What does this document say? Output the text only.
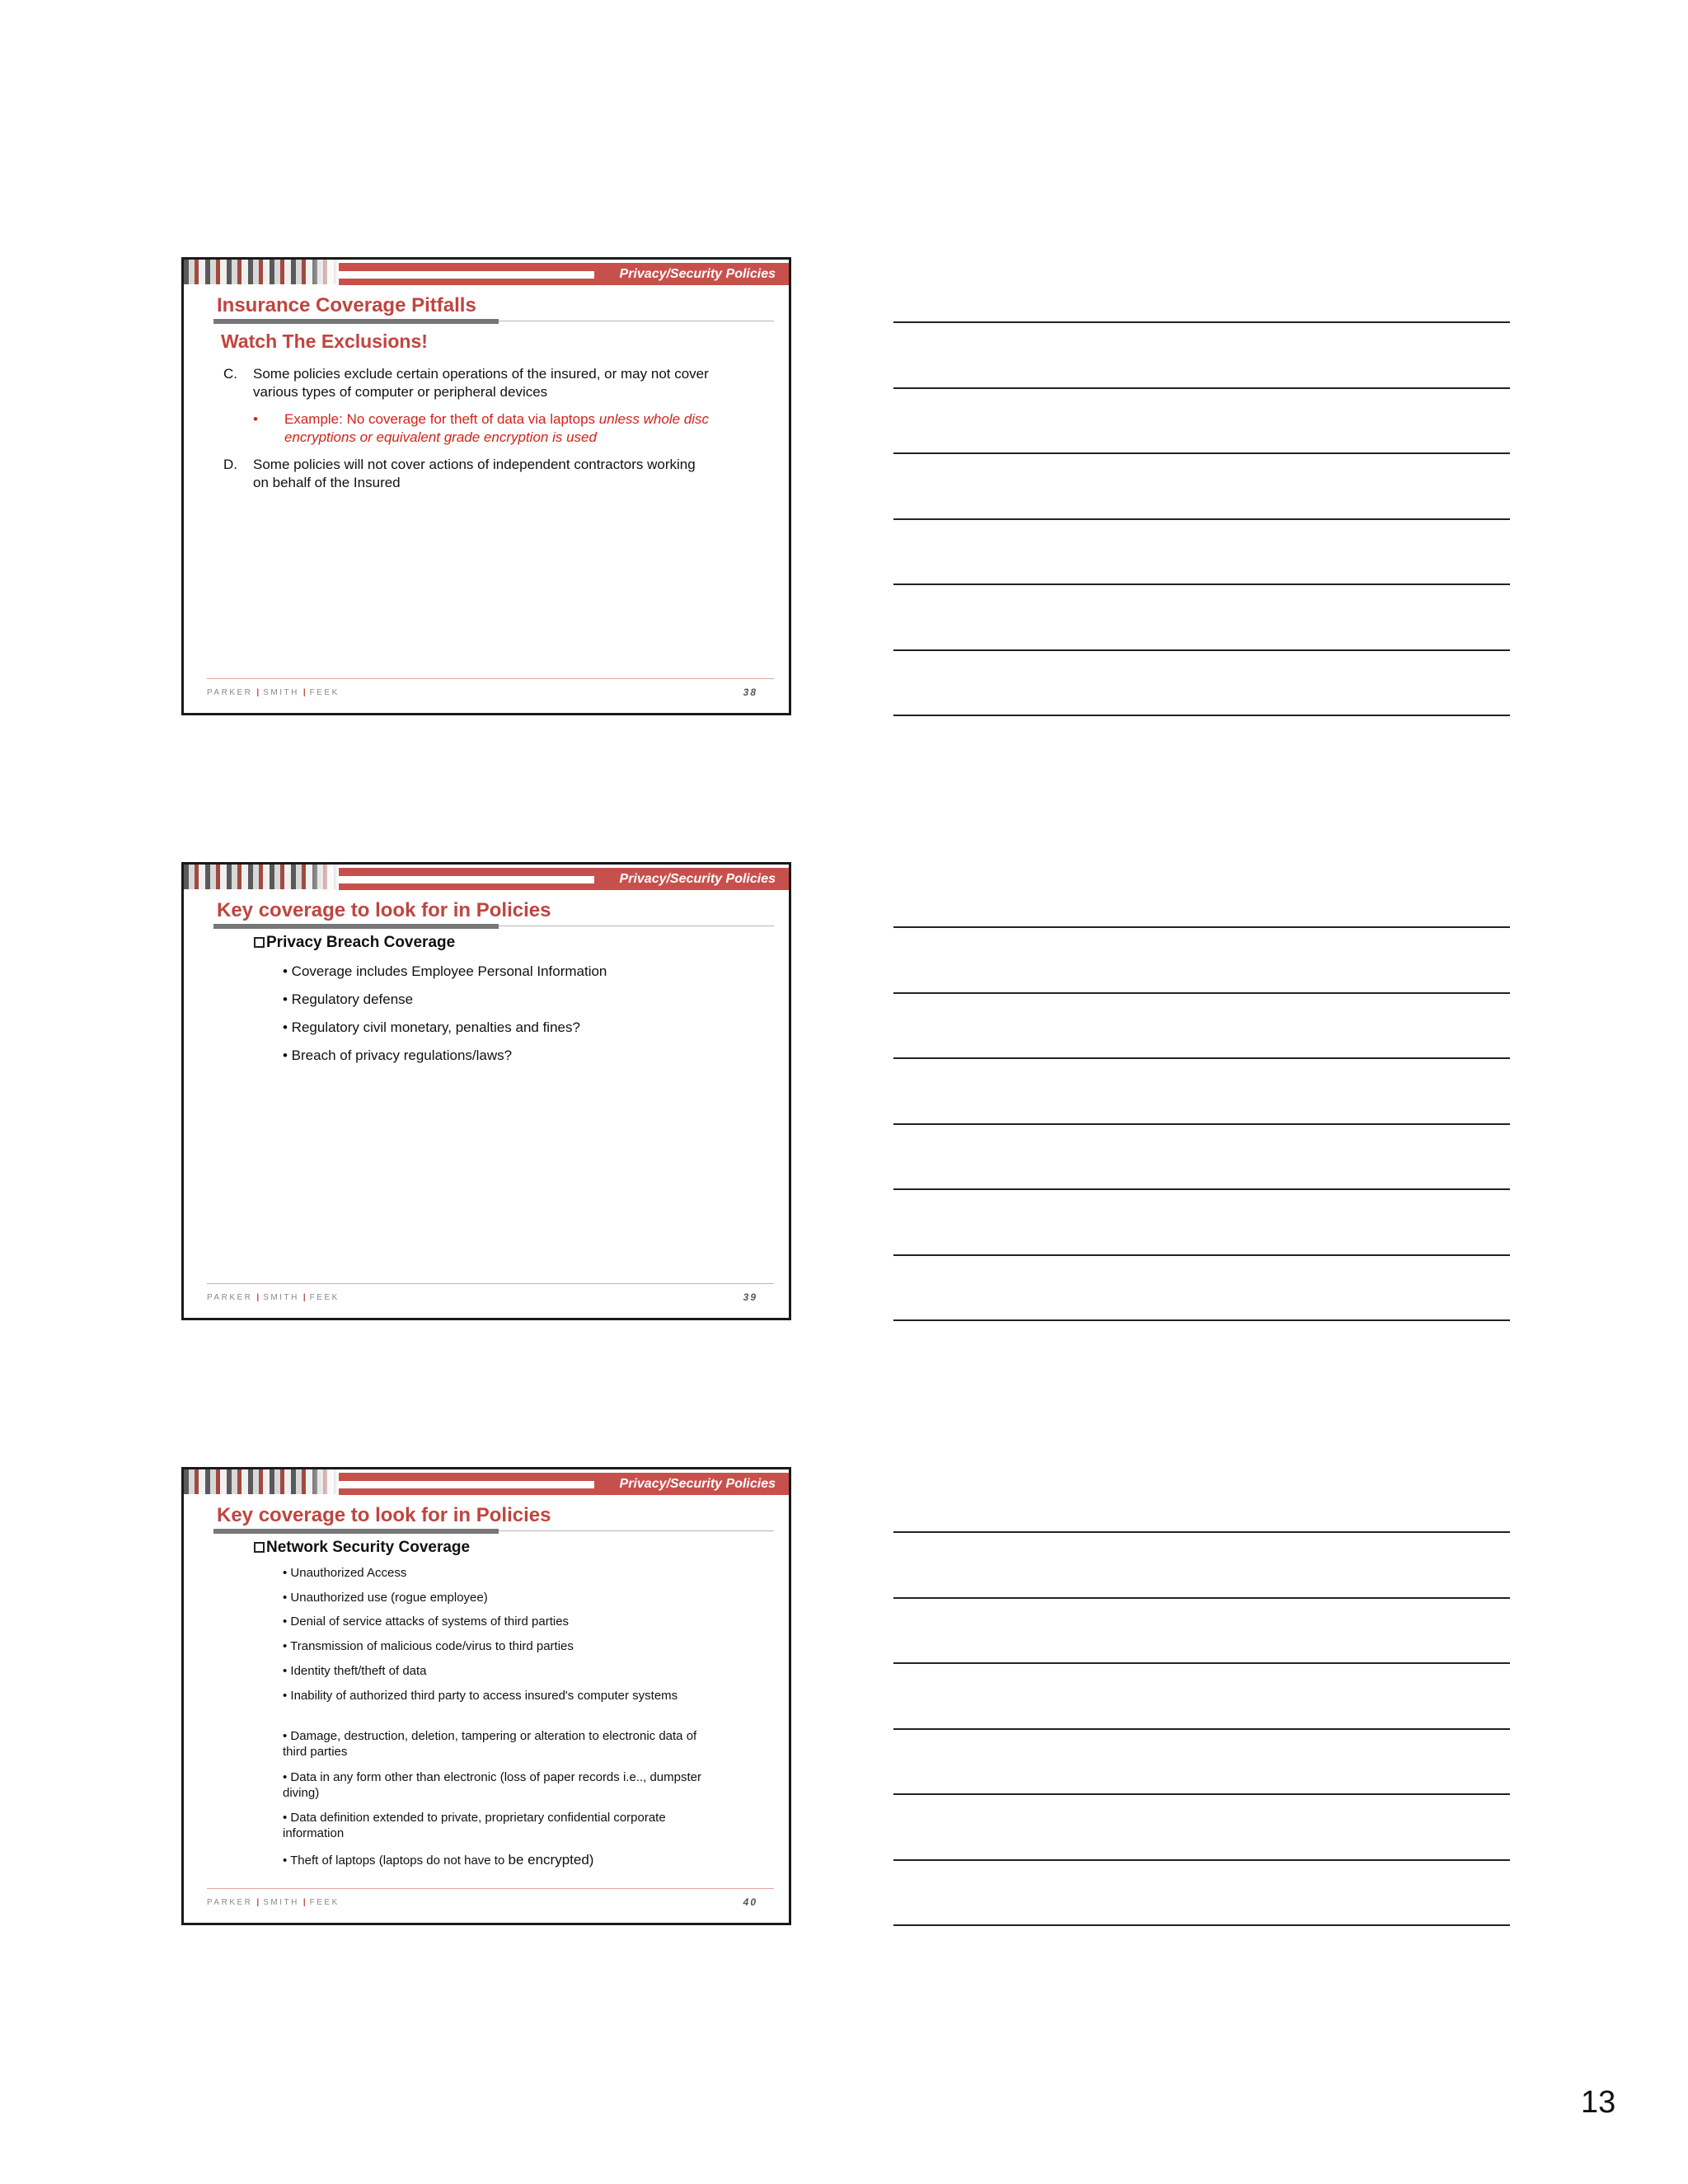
Privacy/Security Policies
Insurance Coverage Pitfalls
Watch The Exclusions!
C. Some policies exclude certain operations of the insured, or may not cover various types of computer or peripheral devices
• Example: No coverage for theft of data via laptops unless whole disc encryptions or equivalent grade encryption is used
D. Some policies will not cover actions of independent contractors working on behalf of the Insured
PARKER | SMITH | FEEK	38
Privacy/Security Policies
Key coverage to look for in Policies
Privacy Breach Coverage
• Coverage includes Employee Personal Information
• Regulatory defense
• Regulatory civil monetary, penalties and fines?
• Breach of privacy regulations/laws?
PARKER | SMITH | FEEK	39
Privacy/Security Policies
Key coverage to look for in Policies
Network Security Coverage
• Unauthorized Access
• Unauthorized use (rogue employee)
• Denial of service attacks of systems of third parties
• Transmission of malicious code/virus to third parties
• Identity theft/theft of data
• Inability of authorized third party to access insured's computer systems
• Damage, destruction, deletion, tampering or alteration to electronic data of third parties
• Data in any form other than electronic (loss of paper records i.e.., dumpster diving)
• Data definition extended to private, proprietary confidential corporate information
• Theft of laptops (laptops do not have to be encrypted)
PARKER | SMITH | FEEK	40
13
